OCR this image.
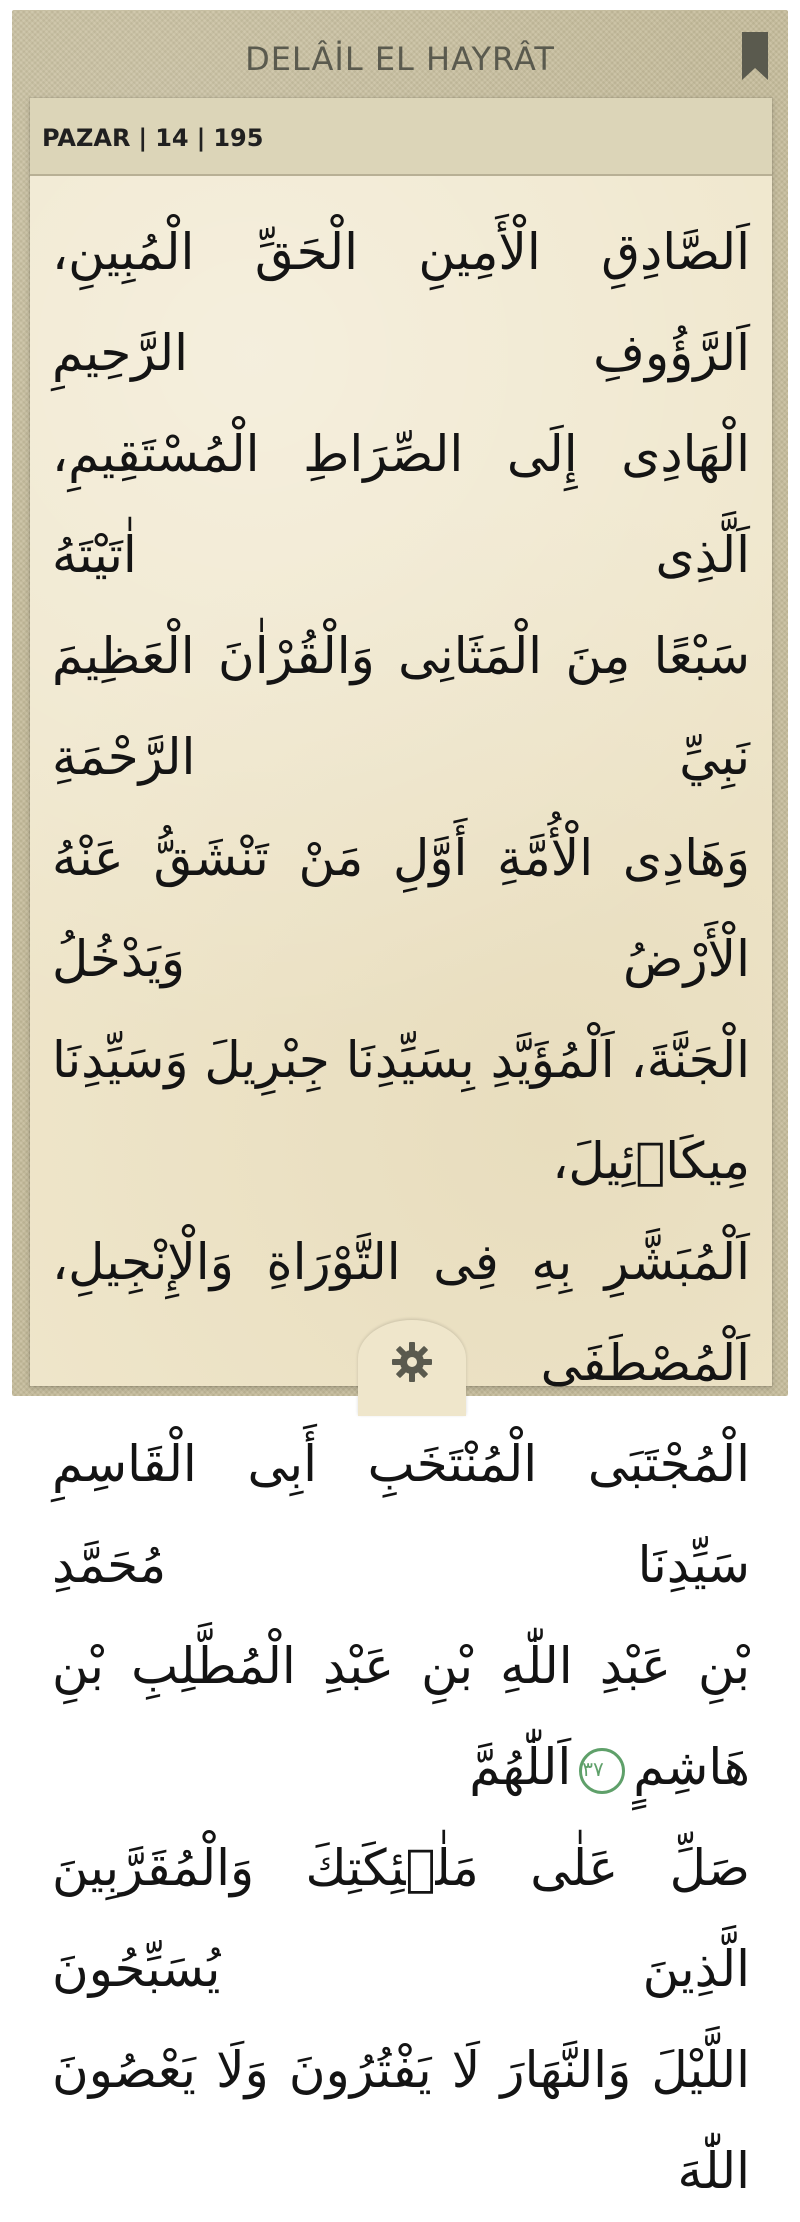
DELÂİL EL HAYRÂT
PAZAR | 14 | 195
اَلصَّادِقِ الْأَمِينِ الْحَقِّ الْمُبِينِ، اَلرَّؤُوفِ الرَّحِيمِ
الْهَادِى إِلَى الصِّرَاطِ الْمُسْتَقِيمِ، اَلَّذِى اٰتَيْتَهُ
سَبْعًا مِنَ الْمَثَانِى وَالْقُرْاٰنَ الْعَظِيمَ نَبِيِّ الرَّحْمَةِ
وَهَادِى الْأُمَّةِ أَوَّلِ مَنْ تَنْشَقُّ عَنْهُ الْأَرْضُ وَيَدْخُلُ
الْجَنَّةَ، اَلْمُؤَيَّدِ بِسَيِّدِنَا جِبْرِيلَ وَسَيِّدِنَا مِيكَاۤئِيلَ،
اَلْمُبَشَّرِ بِهِ فِى التَّوْرَاةِ وَالْإِنْجِيلِ، اَلْمُصْطَفَى
الْمُجْتَبَى الْمُنْتَخَبِ أَبِى الْقَاسِمِ سَيِّدِنَا مُحَمَّدِ
بْنِ عَبْدِ اللّٰهِ بْنِ عَبْدِ الْمُطَّلِبِ بْنِ هَاشِمٍ٣٧اَللّٰهُمَّ
صَلِّ عَلٰى مَلٰۤئِكَتِكَ وَالْمُقَرَّبِينَ الَّذِينَ يُسَبِّحُونَ
اللَّيْلَ وَالنَّهَارَ لَا يَفْتُرُونَ وَلَا يَعْصُونَ اللّٰهَ
